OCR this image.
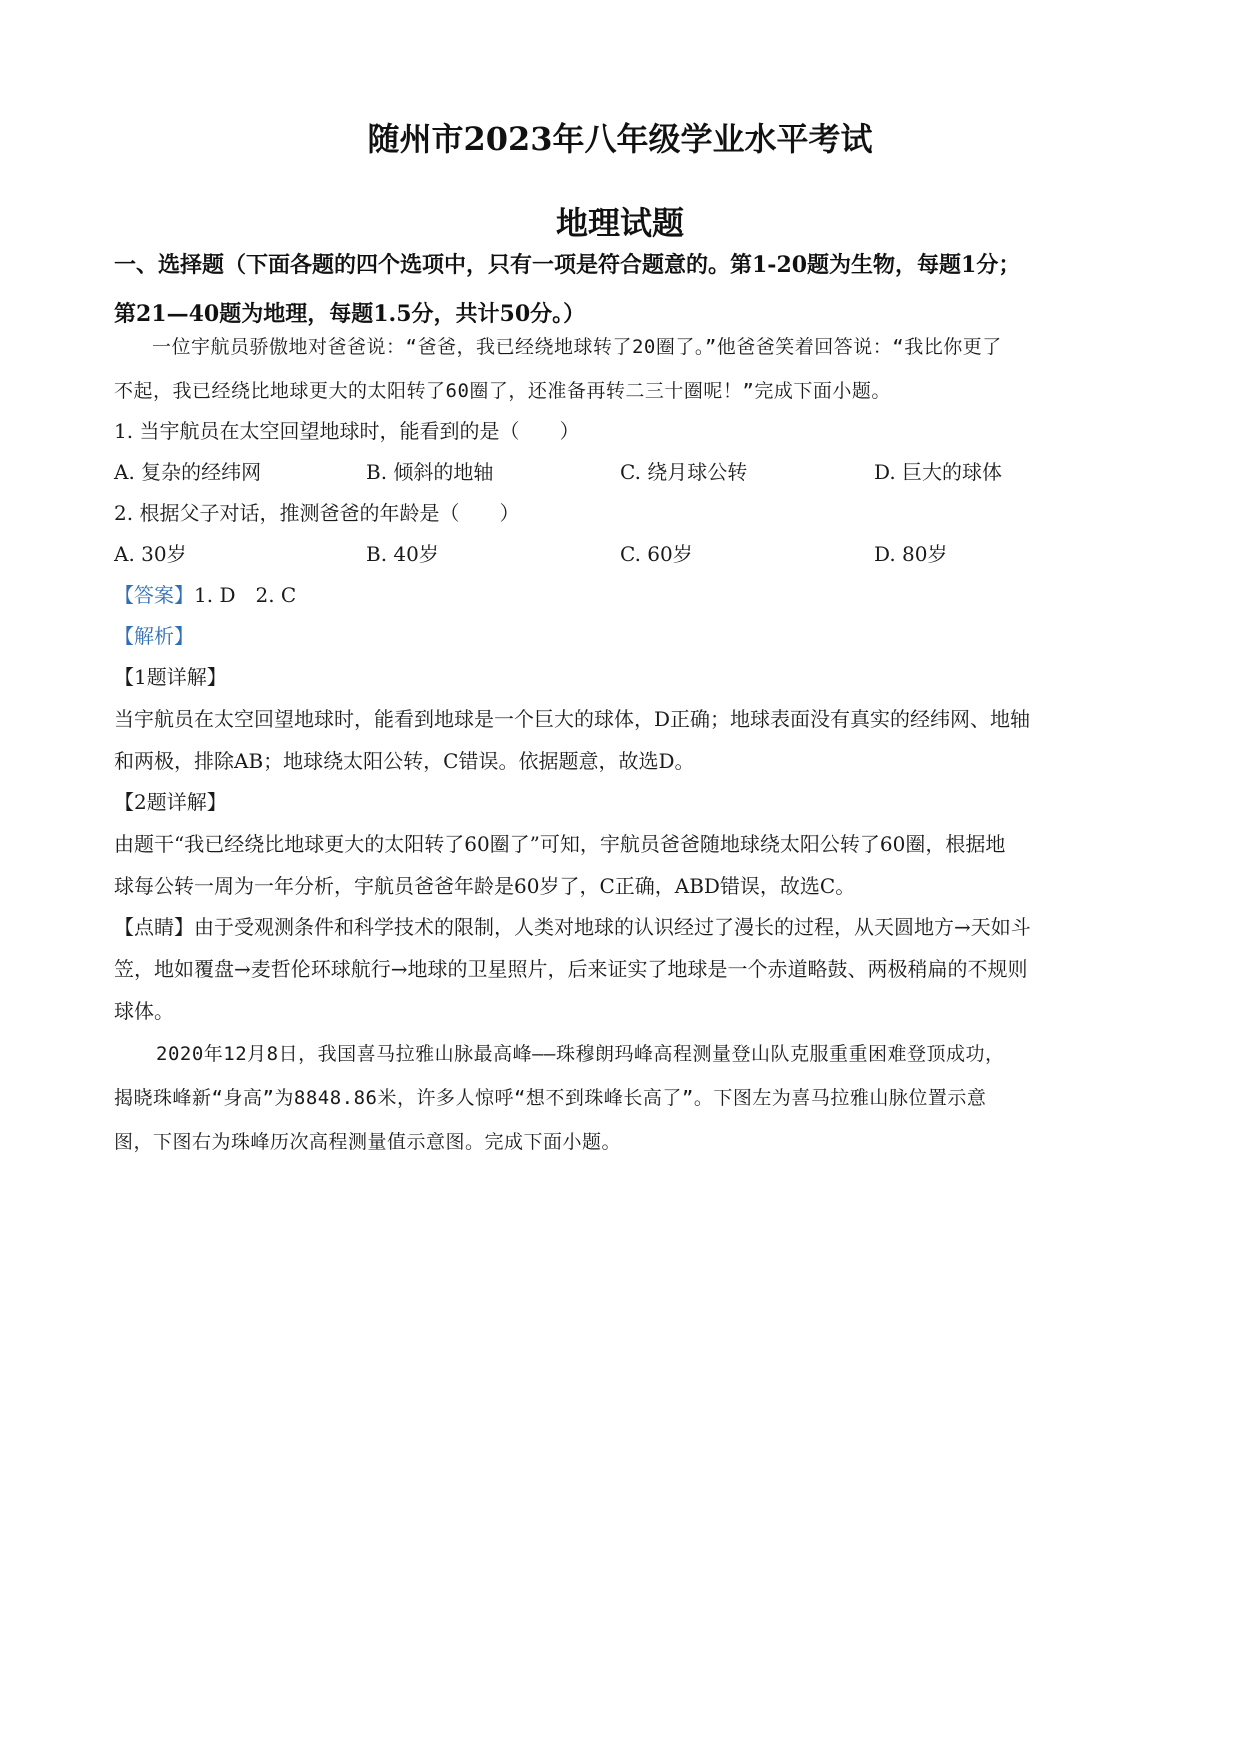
随州市2023年八年级学业水平考试
地理试题
一、选择题（下面各题的四个选项中，只有一项是符合题意的。第1-20题为生物，每题1分；
第21—40题为地理，每题1.5分，共计50分。）
一位宇航员骄傲地对爸爸说：“爸爸，我已经绕地球转了20圈了。”他爸爸笑着回答说：“我比你更了
不起，我已经绕比地球更大的太阳转了60圈了，还准备再转二三十圈呢！”完成下面小题。
1. 当宇航员在太空回望地球时，能看到的是（　　）
A. 复杂的经纬网	B. 倾斜的地轴	C. 绕月球公转	D. 巨大的球体
2. 根据父子对话，推测爸爸的年龄是（　　）
A. 30岁	B. 40岁	C. 60岁	D. 80岁
【答案】1. D　2. C
【解析】
【1题详解】
当宇航员在太空回望地球时，能看到地球是一个巨大的球体，D正确；地球表面没有真实的经纬网、地轴
和两极，排除AB；地球绕太阳公转，C错误。依据题意，故选D。
【2题详解】
由题干“我已经绕比地球更大的太阳转了60圈了”可知，宇航员爸爸随地球绕太阳公转了60圈，根据地
球每公转一周为一年分析，宇航员爸爸年龄是60岁了，C正确，ABD错误，故选C。
【点睛】由于受观测条件和科学技术的限制，人类对地球的认识经过了漫长的过程，从天圆地方→天如斗
笠，地如覆盘→麦哲伦环球航行→地球的卫星照片，后来证实了地球是一个赤道略鼓、两极稍扁的不规则
球体。
2020年12月8日，我国喜马拉雅山脉最高峰——珠穆朗玛峰高程测量登山队克服重重困难登顶成功，
揭晓珠峰新“身高”为8848.86米，许多人惊呼“想不到珠峰长高了”。下图左为喜马拉雅山脉位置示意
图，下图右为珠峰历次高程测量值示意图。完成下面小题。
